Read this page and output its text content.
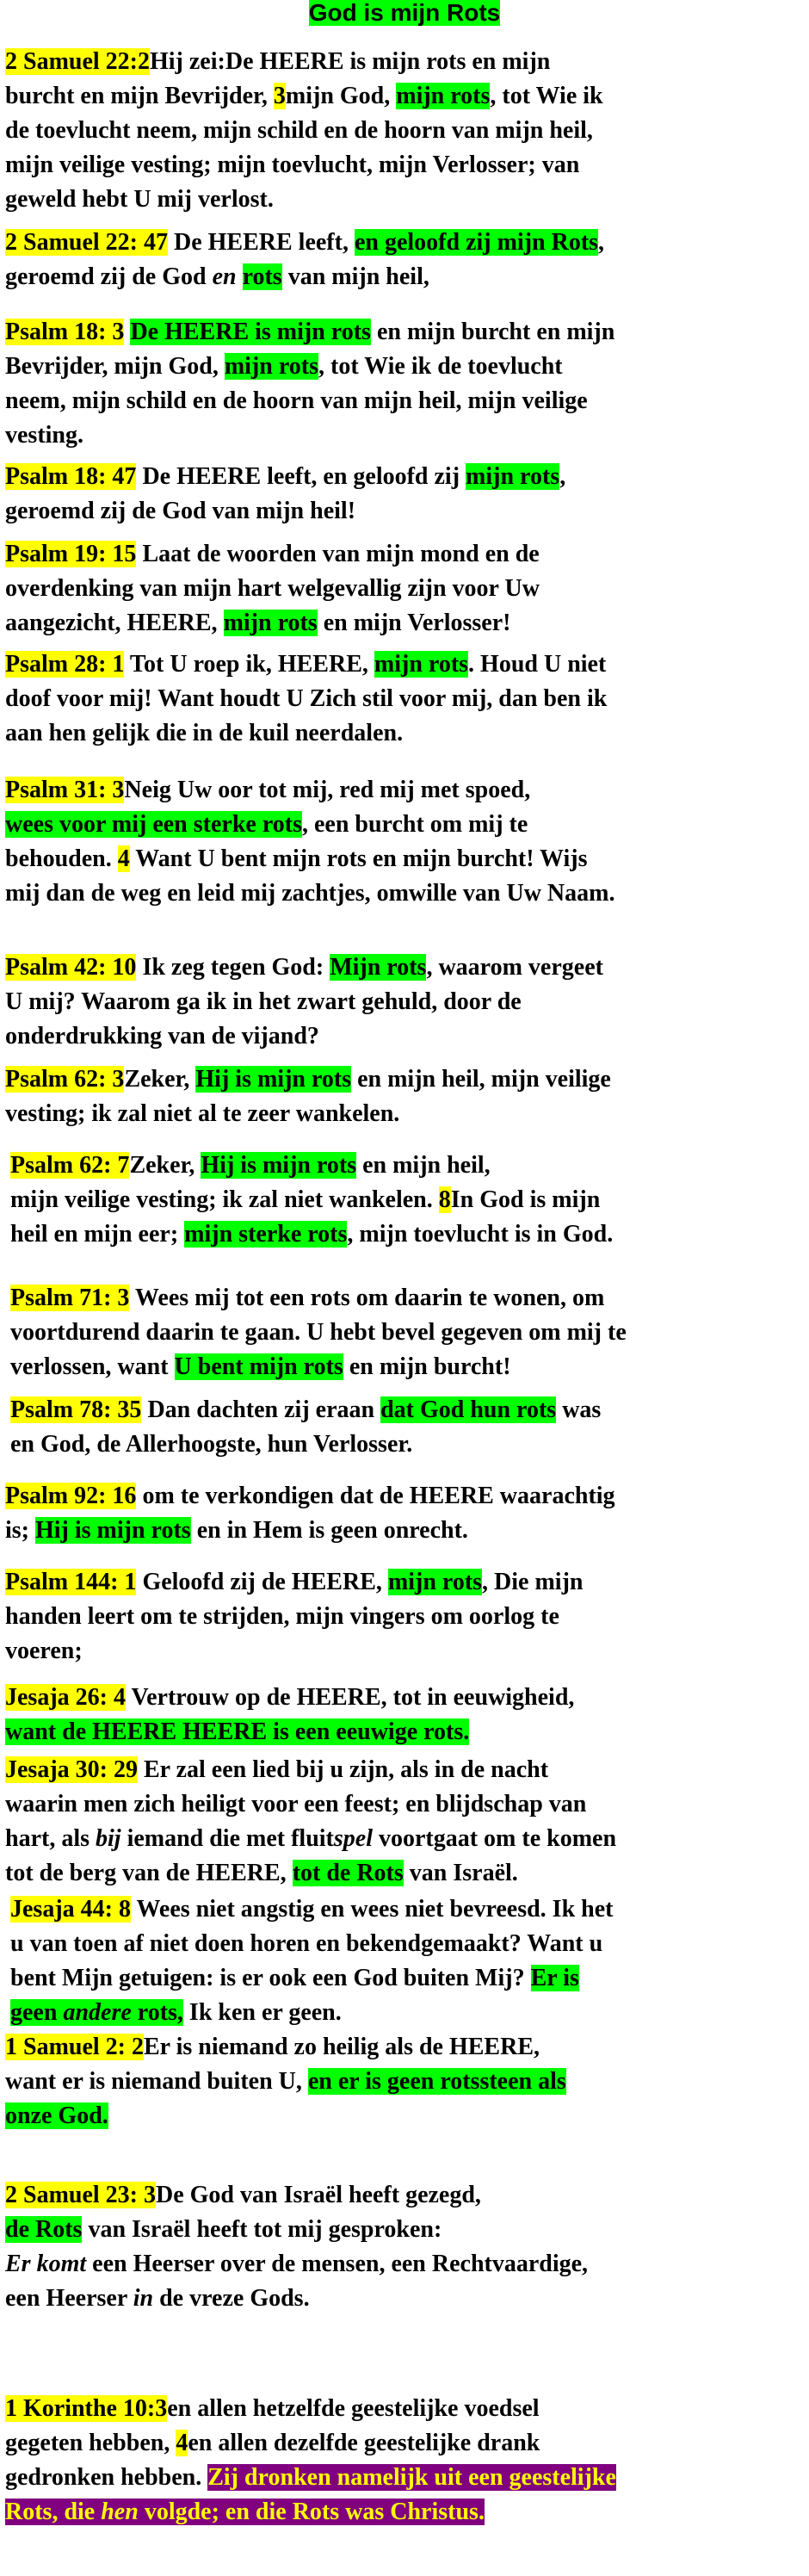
God is mijn Rots
2 Samuel 22:2Hij zei:De HEERE is mijn rots en mijn
burcht en mijn Bevrijder, 3mijn God, mijn rots, tot Wie ik
de toevlucht neem, mijn schild en de hoorn van mijn heil,
mijn veilige vesting; mijn toevlucht, mijn Verlosser; van
geweld hebt U mij verlost.
2 Samuel 22: 47 De HEERE leeft, en geloofd zij mijn Rots,
geroemd zij de God en rots van mijn heil,
Psalm 18: 3 De HEERE is mijn rots en mijn burcht en mijn
Bevrijder, mijn God, mijn rots, tot Wie ik de toevlucht
neem, mijn schild en de hoorn van mijn heil, mijn veilige
vesting.
Psalm 18: 47 De HEERE leeft, en geloofd zij mijn rots,
geroemd zij de God van mijn heil!
Psalm 19: 15 Laat de woorden van mijn mond en de
overdenking van mijn hart welgevallig zijn voor Uw
aangezicht, HEERE, mijn rots en mijn Verlosser!
Psalm 28: 1 Tot U roep ik, HEERE, mijn rots. Houd U niet
doof voor mij! Want houdt U Zich stil voor mij, dan ben ik
aan hen gelijk die in de kuil neerdalen.
Psalm 31: 3Neig Uw oor tot mij, red mij met spoed,
wees voor mij een sterke rots, een burcht om mij te
behouden. 4 Want U bent mijn rots en mijn burcht! Wijs
mij dan de weg en leid mij zachtjes, omwille van Uw Naam.
Psalm 42: 10 Ik zeg tegen God: Mijn rots, waarom vergeet
U mij? Waarom ga ik in het zwart gehuld, door de
onderdrukking van de vijand?
Psalm 62: 3Zeker, Hij is mijn rots en mijn heil, mijn veilige
vesting; ik zal niet al te zeer wankelen.
Psalm 62: 7Zeker, Hij is mijn rots en mijn heil,
mijn veilige vesting; ik zal niet wankelen. 8In God is mijn
heil en mijn eer; mijn sterke rots, mijn toevlucht is in God.
Psalm 71: 3 Wees mij tot een rots om daarin te wonen, om
voortdurend daarin te gaan. U hebt bevel gegeven om mij te
verlossen, want U bent mijn rots en mijn burcht!
Psalm 78: 35 Dan dachten zij eraan dat God hun rots was
en God, de Allerhoogste, hun Verlosser.
Psalm 92: 16 om te verkondigen dat de HEERE waarachtig
is; Hij is mijn rots en in Hem is geen onrecht.
Psalm 144: 1 Geloofd zij de HEERE, mijn rots, Die mijn
handen leert om te strijden, mijn vingers om oorlog te
voeren;
Jesaja 26: 4 Vertrouw op de HEERE, tot in eeuwigheid,
want de HEERE HEERE is een eeuwige rots.
Jesaja 30: 29 Er zal een lied bij u zijn, als in de nacht
waarin men zich heiligt voor een feest; en blijdschap van
hart, als bij iemand die met fluitspel voortgaat om te komen
tot de berg van de HEERE, tot de Rots van Israël.
Jesaja 44: 8 Wees niet angstig en wees niet bevreesd. Ik het
u van toen af niet doen horen en bekendgemaakt? Want u
bent Mijn getuigen: is er ook een God buiten Mij? Er is
geen andere rots, Ik ken er geen.
1 Samuel 2: 2Er is niemand zo heilig als de HEERE,
want er is niemand buiten U, en er is geen rotssteen als
onze God.
2 Samuel 23: 3De God van Israël heeft gezegd,
de Rots van Israël heeft tot mij gesproken:
Er komt een Heerser over de mensen, een Rechtvaardige,
een Heerser in de vreze Gods.
1 Korinthe 10:3en allen hetzelfde geestelijke voedsel
gegeten hebben, 4en allen dezelfde geestelijke drank
gedronken hebben. Zij dronken namelijk uit een geestelijke
Rots, die hen volgde; en die Rots was Christus.
